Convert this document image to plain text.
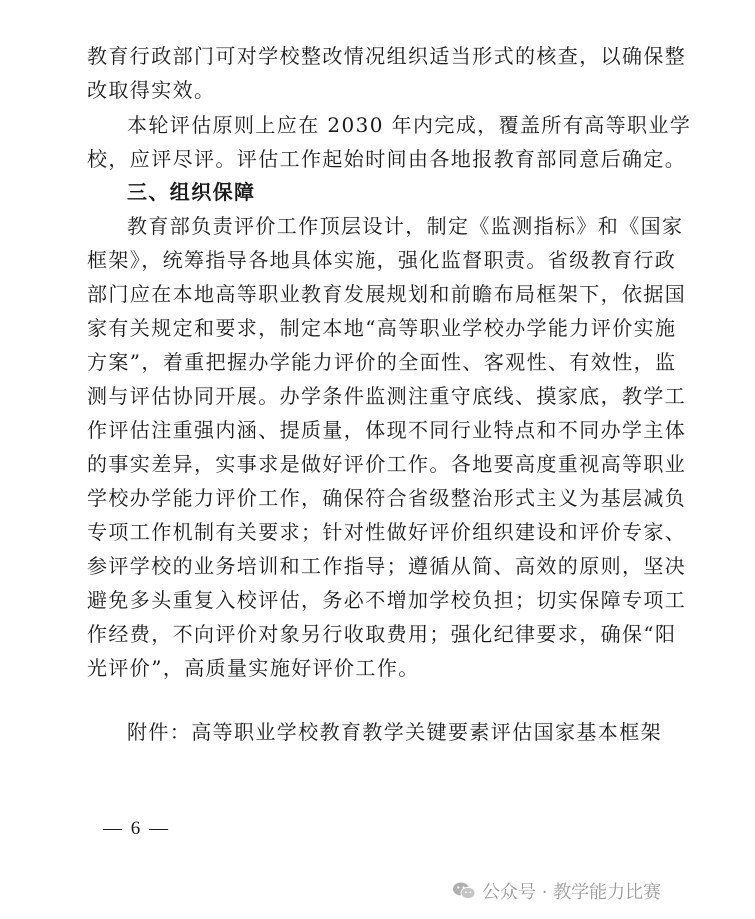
教育行政部门可对学校整改情况组织适当形式的核查，以确保整
改取得实效。
本轮评估原则上应在 2030 年内完成，覆盖所有高等职业学
校，应评尽评。评估工作起始时间由各地报教育部同意后确定。
三、组织保障
教育部负责评价工作顶层设计，制定《监测指标》和《国家
框架》，统筹指导各地具体实施，强化监督职责。省级教育行政
部门应在本地高等职业教育发展规划和前瞻布局框架下，依据国
家有关规定和要求，制定本地“高等职业学校办学能力评价实施
方案”，着重把握办学能力评价的全面性、客观性、有效性，监
测与评估协同开展。办学条件监测注重守底线、摸家底，教学工
作评估注重强内涵、提质量，体现不同行业特点和不同办学主体
的事实差异，实事求是做好评价工作。各地要高度重视高等职业
学校办学能力评价工作，确保符合省级整治形式主义为基层减负
专项工作机制有关要求；针对性做好评价组织建设和评价专家、
参评学校的业务培训和工作指导；遵循从简、高效的原则，坚决
避免多头重复入校评估，务必不增加学校负担；切实保障专项工
作经费，不向评价对象另行收取费用；强化纪律要求，确保“阳
光评价”，高质量实施好评价工作。
附件：高等职业学校教育教学关键要素评估国家基本框架
— 6 —
公众号 · 教学能力比赛
